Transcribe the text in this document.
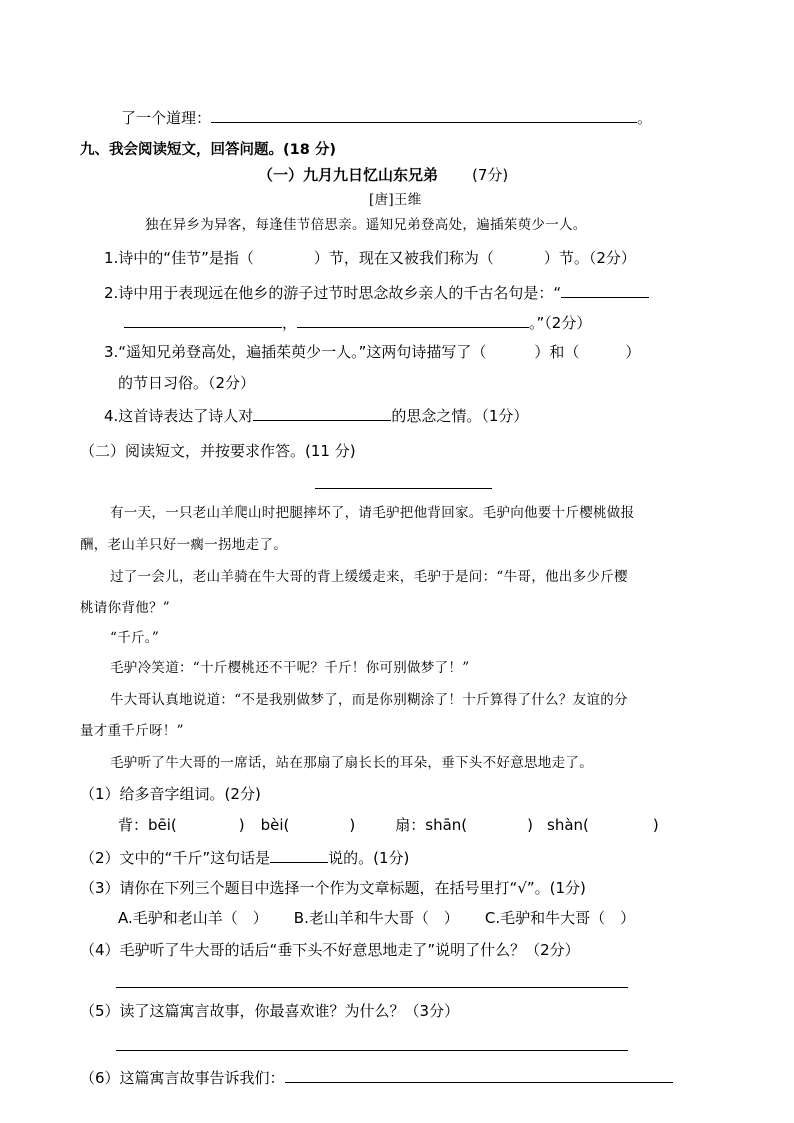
了一个道理：	。
九、我会阅读短文，回答问题。(18 分)
（一）九月九日忆山东兄弟 (7分)
[唐]王维
独在异乡为异客，每逢佳节倍思亲。遥知兄弟登高处，遍插茱萸少一人。
1.诗中的“佳节”是指（	）节，现在又被我们称为（	）节。（2分）
2.诗中用于表现远在他乡的游子过节时思念故乡亲人的千古名句是：“
，	。”（2分）
3.“遥知兄弟登高处，遍插茱萸少一人。”这两句诗描写了（	）和（	）
的节日习俗。（2分）
4.这首诗表达了诗人对	的思念之情。（1分）
（二）阅读短文，并按要求作答。(11 分)
有一天，一只老山羊爬山时把腿摔坏了，请毛驴把他背回家。毛驴向他要十斤樱桃做报
酬，老山羊只好一瘸一拐地走了。
过了一会儿，老山羊骑在牛大哥的背上缓缓走来，毛驴于是问：“牛哥，他出多少斤樱
桃请你背他？”
“千斤。”
毛驴冷笑道：“十斤樱桃还不干呢？千斤！你可别做梦了！”
牛大哥认真地说道：“不是我别做梦了，而是你别糊涂了！十斤算得了什么？友谊的分
量才重千斤呀！”
毛驴听了牛大哥的一席话，站在那扇了扇长长的耳朵，垂下头不好意思地走了。
（1）给多音字组词。(2分)
背：bēi(	) bèi(	)	扇：shān(	) shàn(	)
（2）文中的“千斤”这句话是	说的。(1分)
（3）请你在下列三个题目中选择一个作为文章标题，在括号里打“√”。(1分)
A.毛驴和老山羊（　） B.老山羊和牛大哥（　） C.毛驴和牛大哥（　）
（4）毛驴听了牛大哥的话后“垂下头不好意思地走了”说明了什么？（2分）
（5）读了这篇寓言故事，你最喜欢谁？为什么？（3分）
（6）这篇寓言故事告诉我们：
